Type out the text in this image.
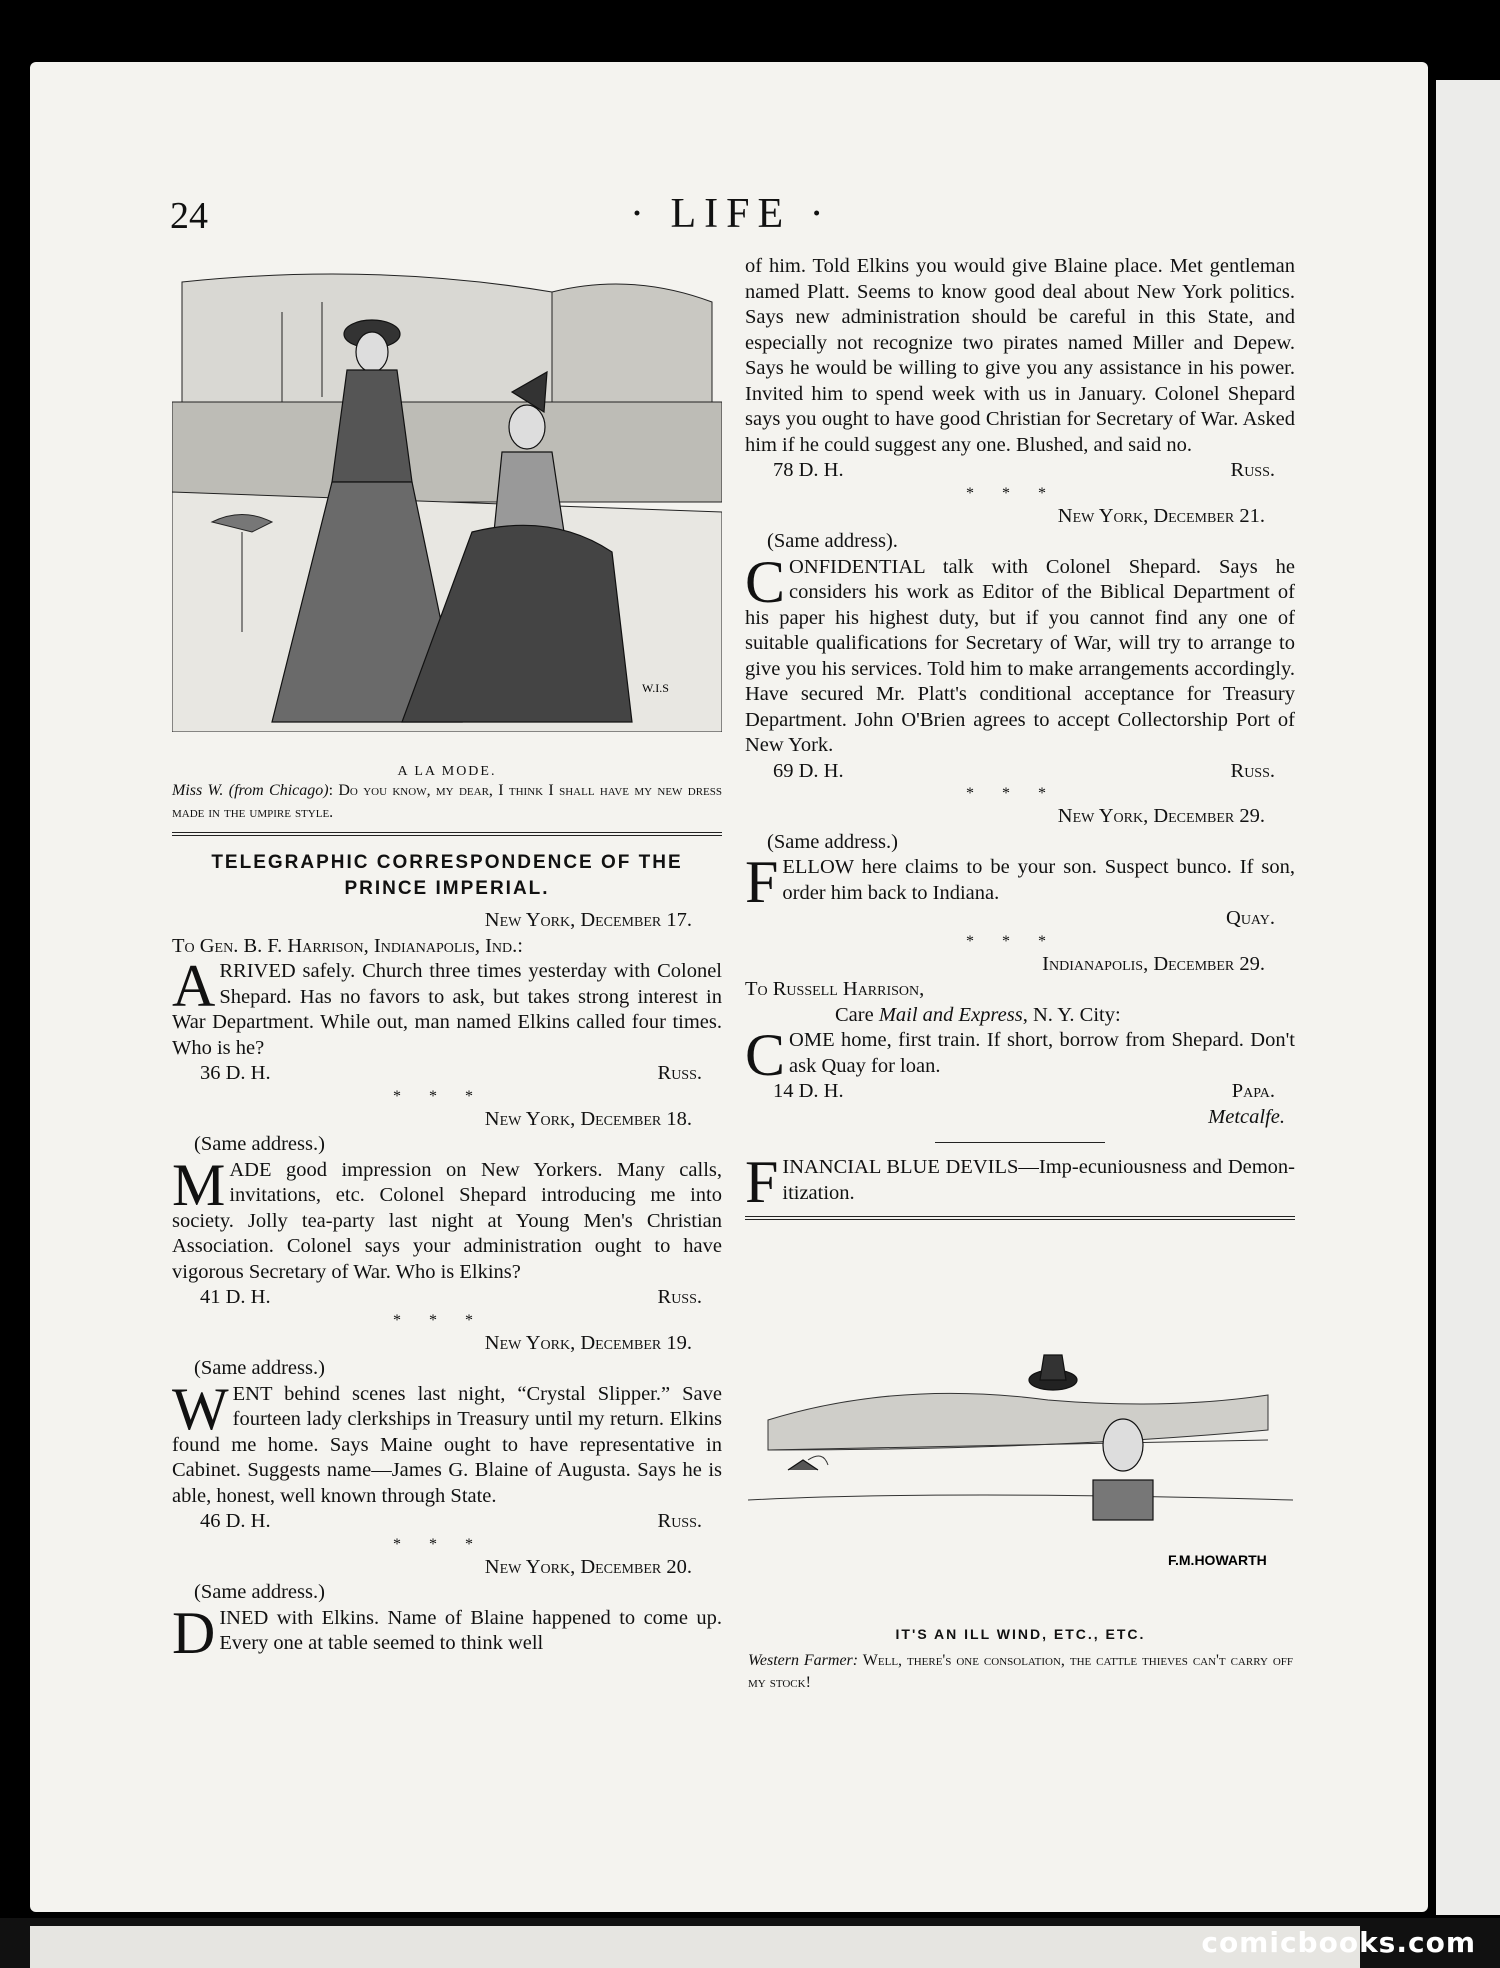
24	· LIFE ·
W.I.S
A LA MODE.
Miss W. (from Chicago): Do you know, my dear, I think I shall have my new dress made in the umpire style.
TELEGRAPHIC CORRESPONDENCE OF THE
PRINCE IMPERIAL.
New York, December 17.
To Gen. B. F. Harrison, Indianapolis, Ind.:

ARRIVED safely. Church three times yesterday with Colonel Shepard. Has no favors to ask, but takes strong interest in War Department. While out, man named Elkins called four times. Who is he?

36 D. H.	Russ.
***
New York, December 18.
(Same address.)

MADE good impression on New Yorkers. Many calls, invitations, etc. Colonel Shepard introducing me into society. Jolly tea-party last night at Young Men's Christian Association. Colonel says your administration ought to have vigorous Secretary of War. Who is Elkins?

41 D. H.	Russ.
***
New York, December 19.
(Same address.)

WENT behind scenes last night, “Crystal Slipper.” Save fourteen lady clerkships in Treasury until my return. Elkins found me home. Says Maine ought to have representative in Cabinet. Suggests name—James G. Blaine of Augusta. Says he is able, honest, well known through State.

46 D. H.	Russ.
***
New York, December 20.
(Same address.)

DINED with Elkins. Name of Blaine happened to come up. Every one at table seemed to think well

of him. Told Elkins you would give Blaine place. Met gentleman named Platt. Seems to know good deal about New York politics. Says new administration should be careful in this State, and especially not recognize two pirates named Miller and Depew. Says he would be willing to give you any assistance in his power. Invited him to spend week with us in January. Colonel Shepard says you ought to have good Christian for Secretary of War. Asked him if he could suggest any one. Blushed, and said no.

78 D. H.	Russ.
***
New York, December 21.
(Same address).

CONFIDENTIAL talk with Colonel Shepard. Says he considers his work as Editor of the Biblical Department of his paper his highest duty, but if you cannot find any one of suitable qualifications for Secretary of War, will try to arrange to give you his services. Told him to make arrangements accordingly. Have secured Mr. Platt's conditional acceptance for Treasury Department. John O'Brien agrees to accept Collectorship Port of New York.

69 D. H.	Russ.
***
New York, December 29.
(Same address.)

FELLOW here claims to be your son. Suspect bunco. If son, order him back to Indiana.

Quay.
***
Indianapolis, December 29.
To Russell Harrison,
Care Mail and Express, N. Y. City:

COME home, first train. If short, borrow from Shepard. Don't ask Quay for loan.

14 D. H.	Papa.
Metcalfe.

FINANCIAL BLUE DEVILS—Imp-ecuniousness and Demon-itization.

F.M.HOWARTH
IT'S AN ILL WIND, ETC., ETC.
Western Farmer: Well, there's one consolation, the cattle thieves can't carry off my stock!
comicbooks.com
